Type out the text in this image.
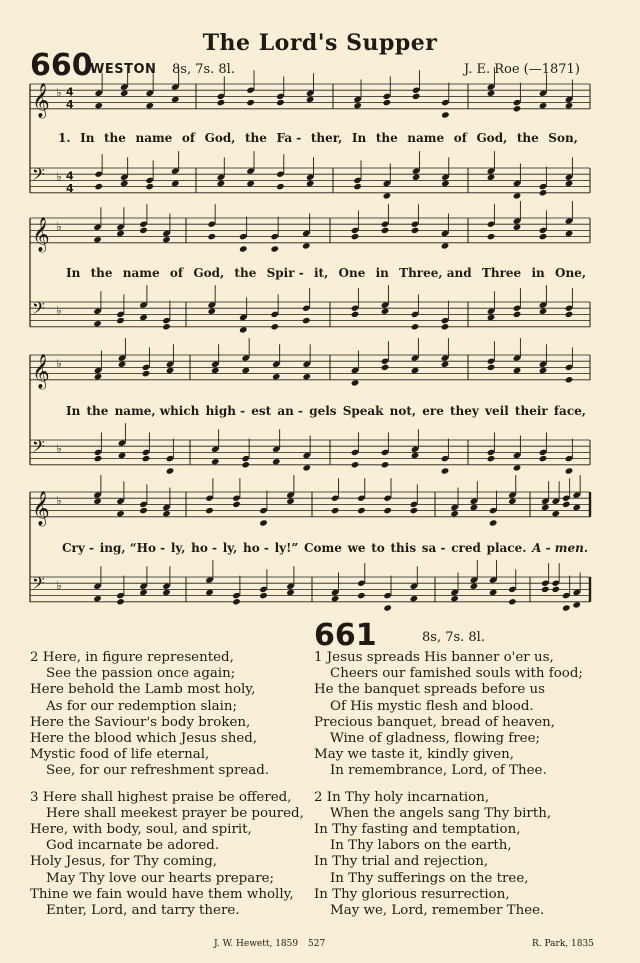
The Lord's Supper
660
WESTON 8s, 7s. 8l.	J. E. Roe (—1871)
𝄞 ♭ 4
4
𝄢 ♭ 4
4
𝄞 ♭
𝄢 ♭
𝄞 ♭
𝄢 ♭
𝄞 ♭
𝄢 ♭
1. In the name of God, the Fa - ther, In the name of God, the Son,
In the name of God, the Spir - it, One in Three, and Three in One,
In the name, which high - est an - gels Speak not, ere they veil their face,
Cry - ing, “Ho - ly, ho - ly, ho - ly!” Come we to this sa - cred place. A - men.
661	8s, 7s. 8l.
2 Here, in figure represented,
See the passion once again;
Here behold the Lamb most holy,
As for our redemption slain;
Here the Saviour's body broken,
Here the blood which Jesus shed,
Mystic food of life eternal,
See, for our refreshment spread.
3 Here shall highest praise be offered,
Here shall meekest prayer be poured,
Here, with body, soul, and spirit,
God incarnate be adored.
Holy Jesus, for Thy coming,
May Thy love our hearts prepare;
Thine we fain would have them wholly,
Enter, Lord, and tarry there.
1 Jesus spreads His banner o'er us,
Cheers our famished souls with food;
He the banquet spreads before us
Of His mystic flesh and blood.
Precious banquet, bread of heaven,
Wine of gladness, flowing free;
May we taste it, kindly given,
In remembrance, Lord, of Thee.
2 In Thy holy incarnation,
When the angels sang Thy birth,
In Thy fasting and temptation,
In Thy labors on the earth,
In Thy trial and rejection,
In Thy sufferings on the tree,
In Thy glorious resurrection,
May we, Lord, remember Thee.
J. W. Hewett, 1859 527	R. Park, 1835
